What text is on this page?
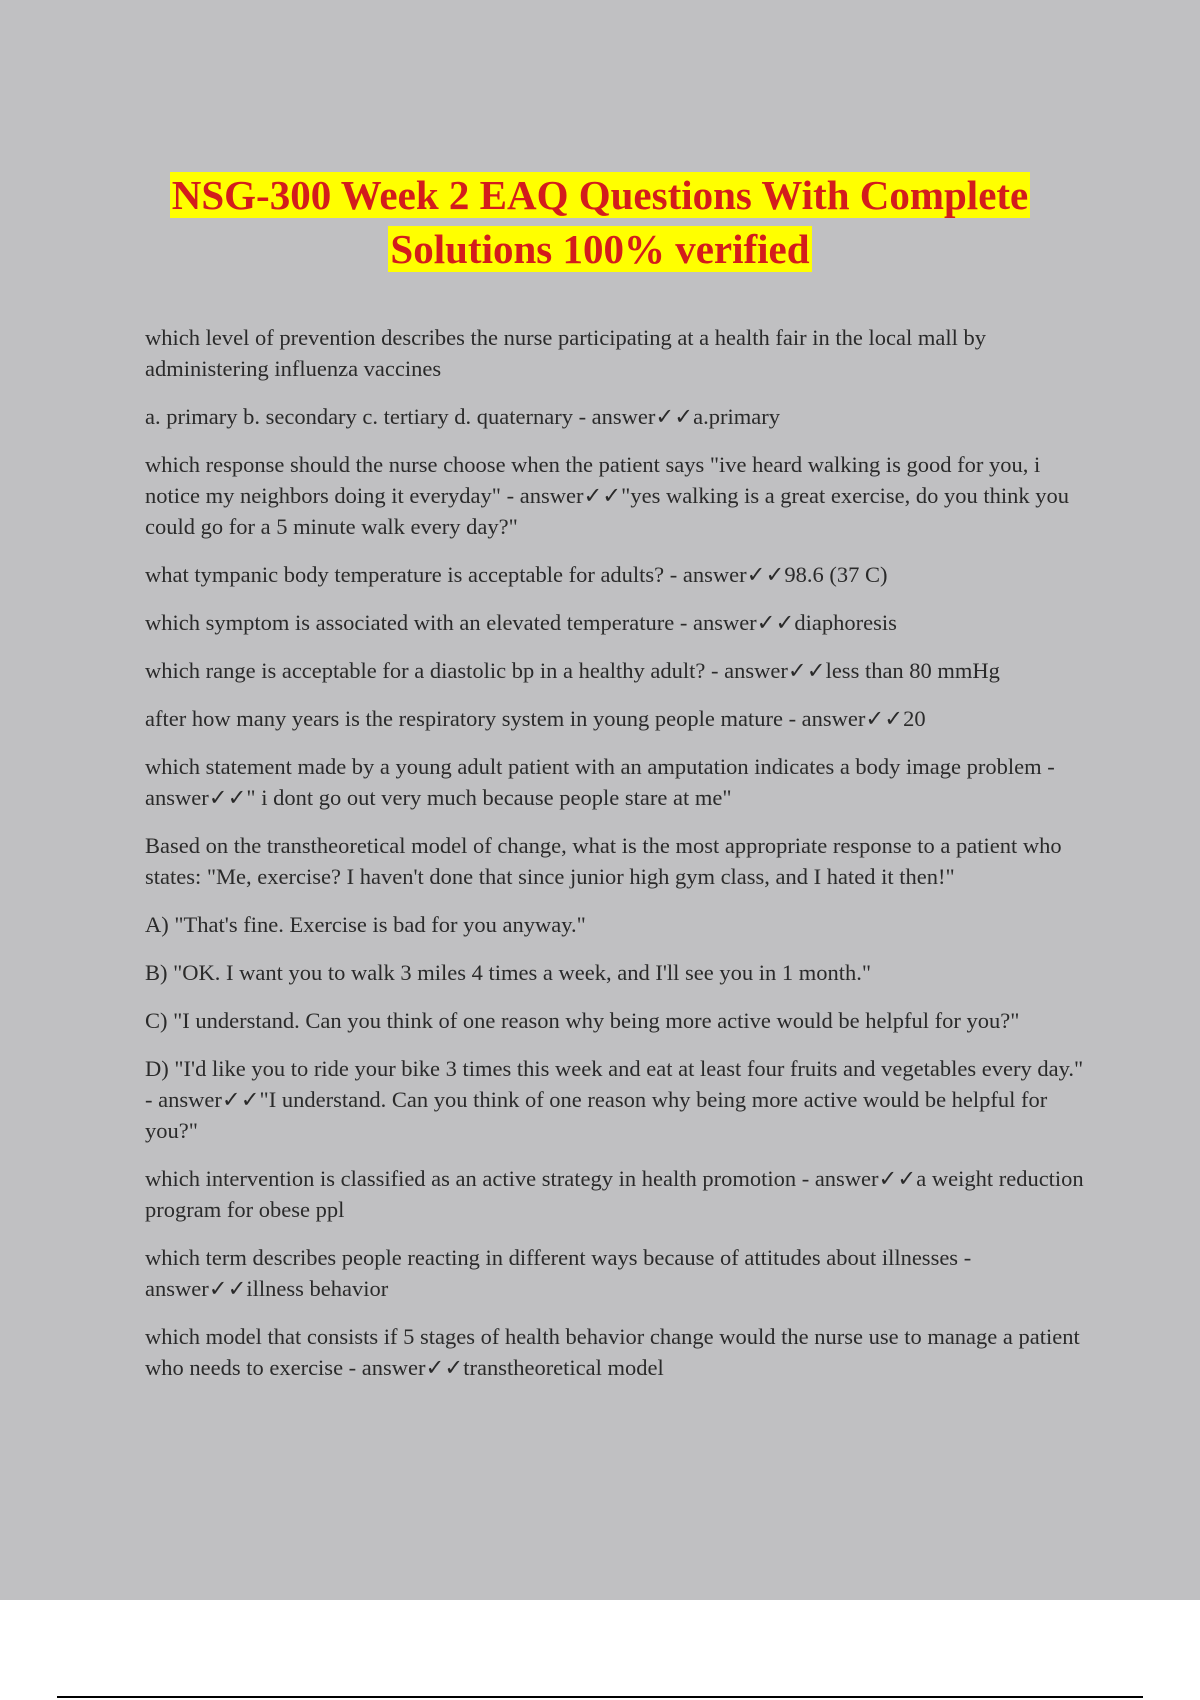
NSG-300 Week 2 EAQ Questions With Complete
Solutions 100% verified

which level of prevention describes the nurse participating at a health fair in the local mall by administering influenza vaccines

a. primary b. secondary c. tertiary d. quaternary - answer✓✓a.primary

which response should the nurse choose when the patient says "ive heard walking is good for you, i notice my neighbors doing it everyday" - answer✓✓"yes walking is a great exercise, do you think you could go for a 5 minute walk every day?"

what tympanic body temperature is acceptable for adults? - answer✓✓98.6 (37 C)

which symptom is associated with an elevated temperature - answer✓✓diaphoresis

which range is acceptable for a diastolic bp in a healthy adult? - answer✓✓less than 80 mmHg

after how many years is the respiratory system in young people mature - answer✓✓20

which statement made by a young adult patient with an amputation indicates a body image problem - answer✓✓" i dont go out very much because people stare at me"

Based on the transtheoretical model of change, what is the most appropriate response to a patient who states: "Me, exercise? I haven't done that since junior high gym class, and I hated it then!"

A) "That's fine. Exercise is bad for you anyway."

B) "OK. I want you to walk 3 miles 4 times a week, and I'll see you in 1 month."

C) "I understand. Can you think of one reason why being more active would be helpful for you?"

D) "I'd like you to ride your bike 3 times this week and eat at least four fruits and vegetables every day." - answer✓✓"I understand. Can you think of one reason why being more active would be helpful for you?"

which intervention is classified as an active strategy in health promotion - answer✓✓a weight reduction program for obese ppl

which term describes people reacting in different ways because of attitudes about illnesses - answer✓✓illness behavior

which model that consists if 5 stages of health behavior change would the nurse use to manage a patient who needs to exercise - answer✓✓transtheoretical model
